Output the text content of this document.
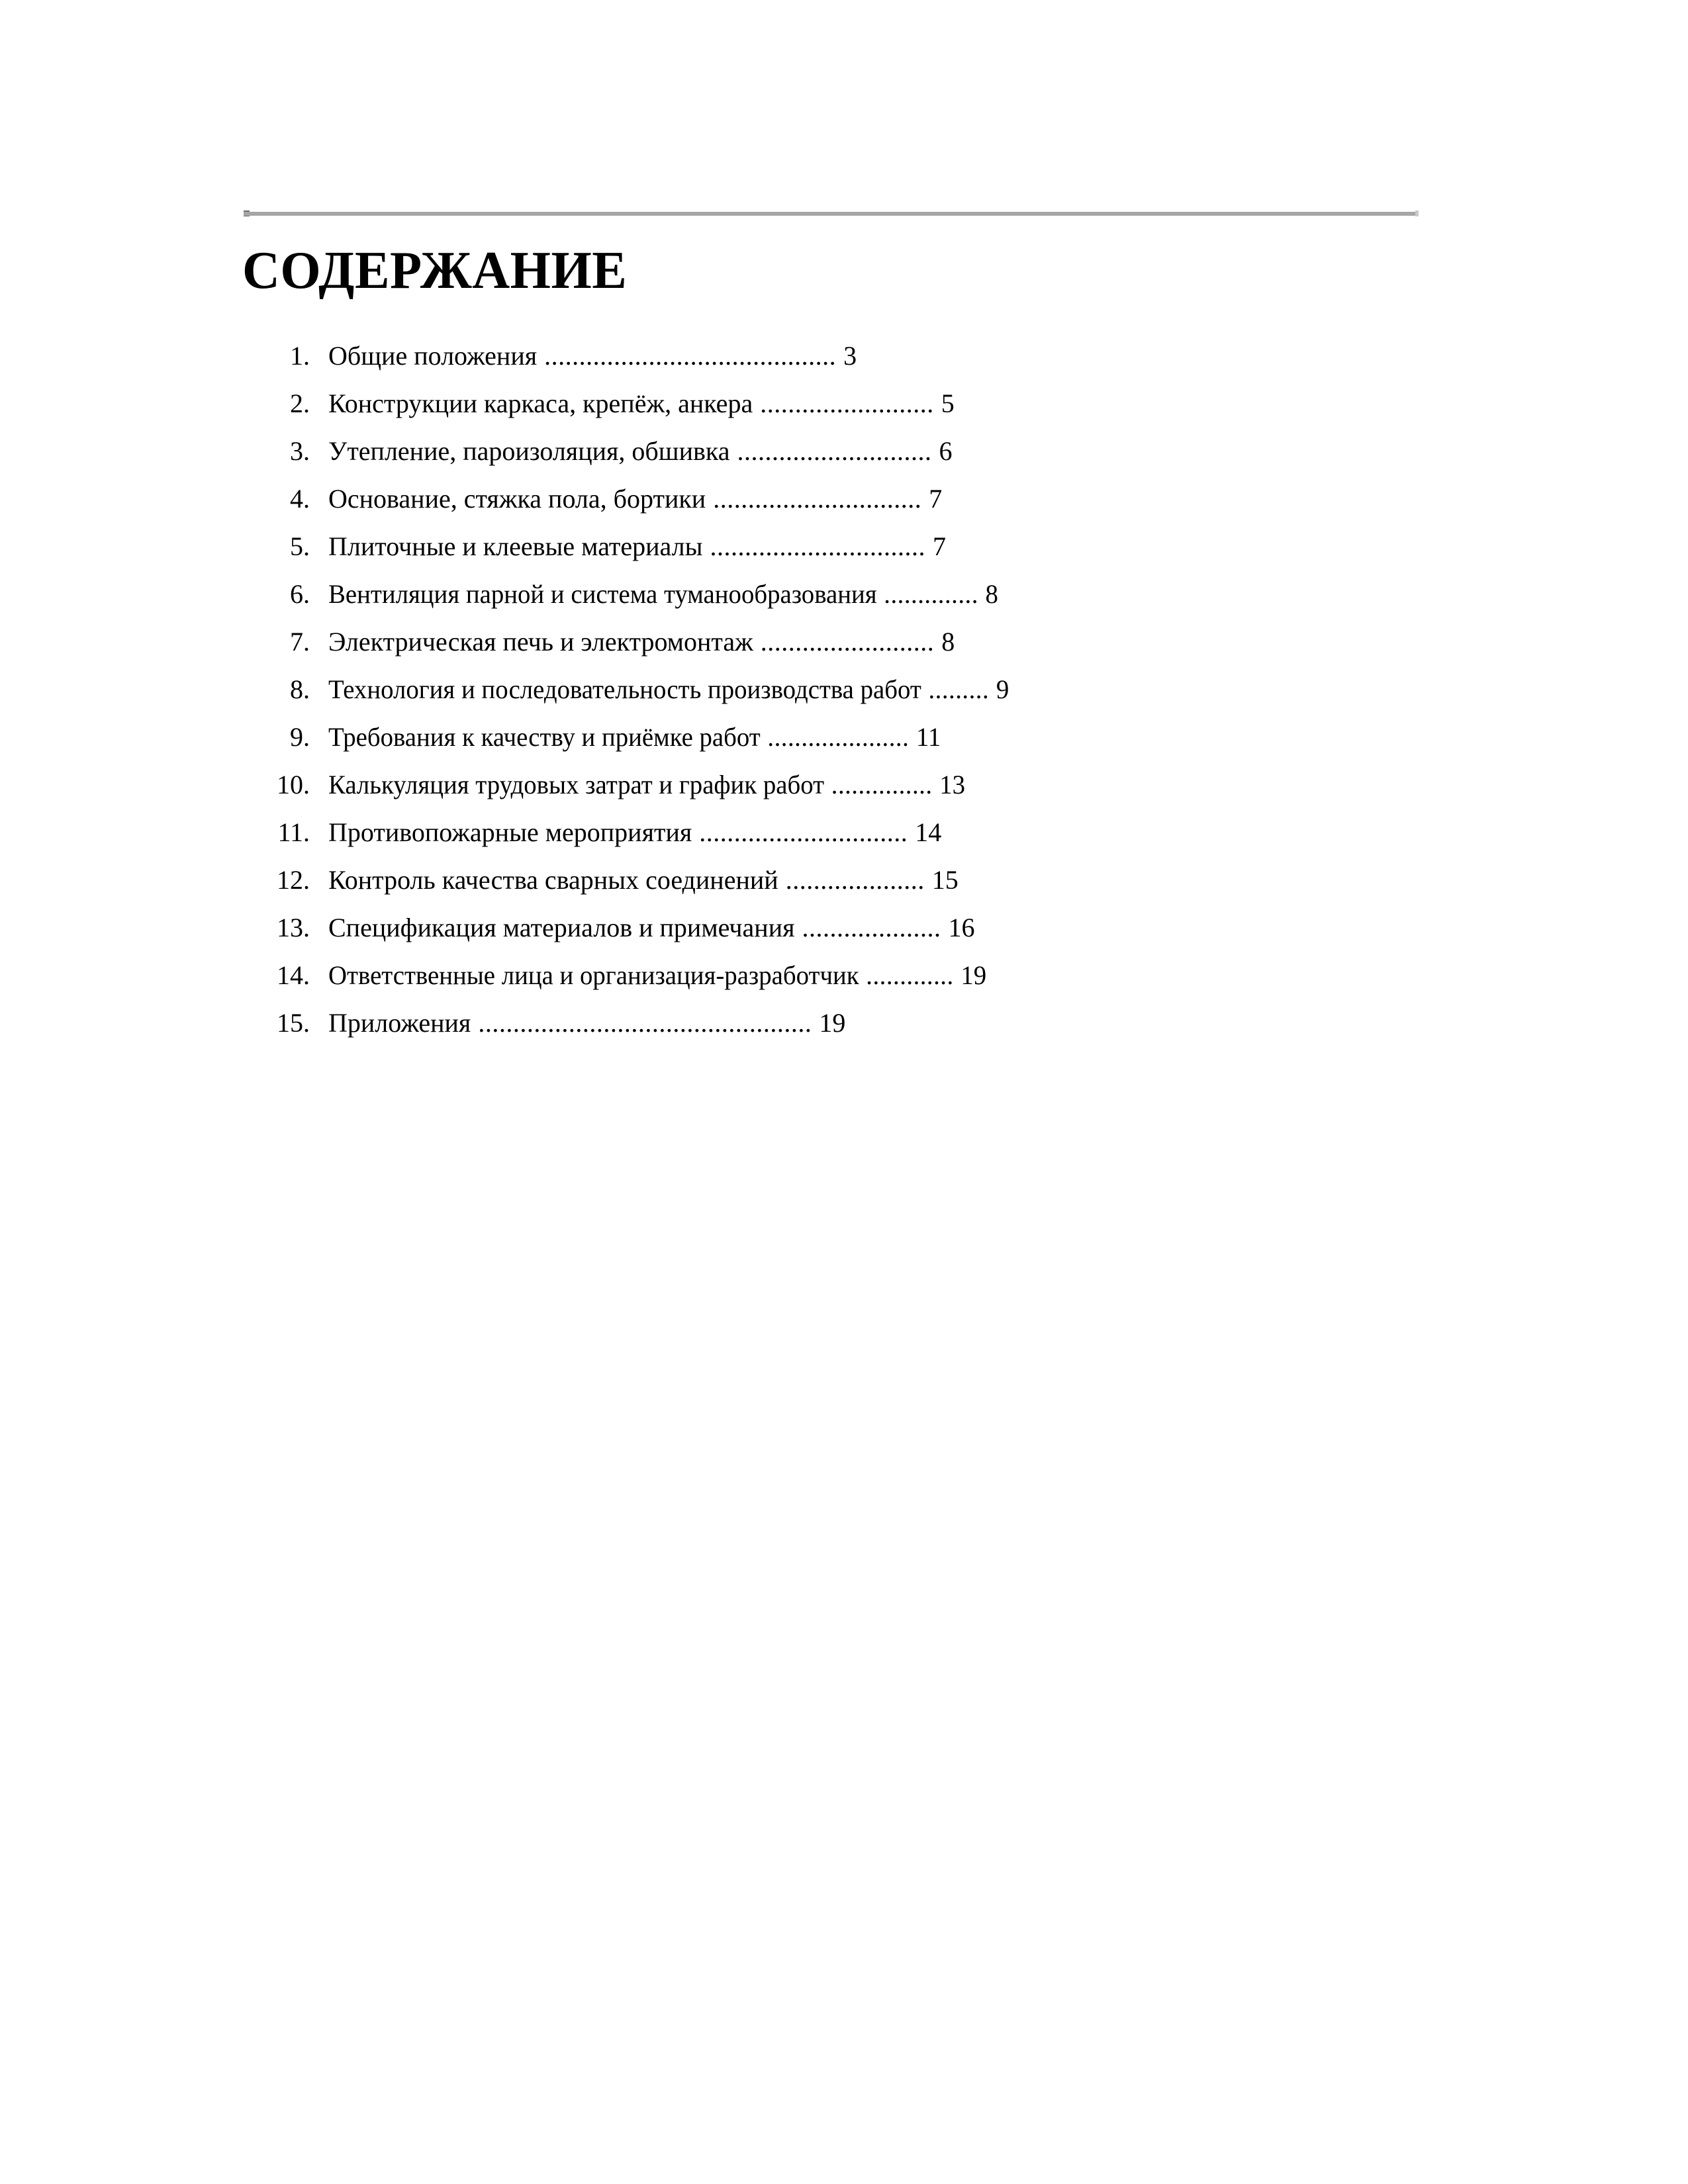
СОДЕРЖАНИЕ
1. Общие положения .......................................... 3
2. Конструкции каркаса, крепёж, анкера ......................... 5
3. Утепление, пароизоляция, обшивка ............................ 6
4. Основание, стяжка пола, бортики .............................. 7
5. Плиточные и клеевые материалы ............................... 7
6. Вентиляция парной и система туманообразования .............. 8
7. Электрическая печь и электромонтаж ......................... 8
8. Технология и последовательность производства работ ......... 9
9. Требования к качеству и приёмке работ ..................... 11
10. Калькуляция трудовых затрат и график работ ............... 13
11. Противопожарные мероприятия .............................. 14
12. Контроль качества сварных соединений .................... 15
13. Спецификация материалов и примечания .................... 16
14. Ответственные лица и организация-разработчик ............. 19
15. Приложения ................................................ 19
